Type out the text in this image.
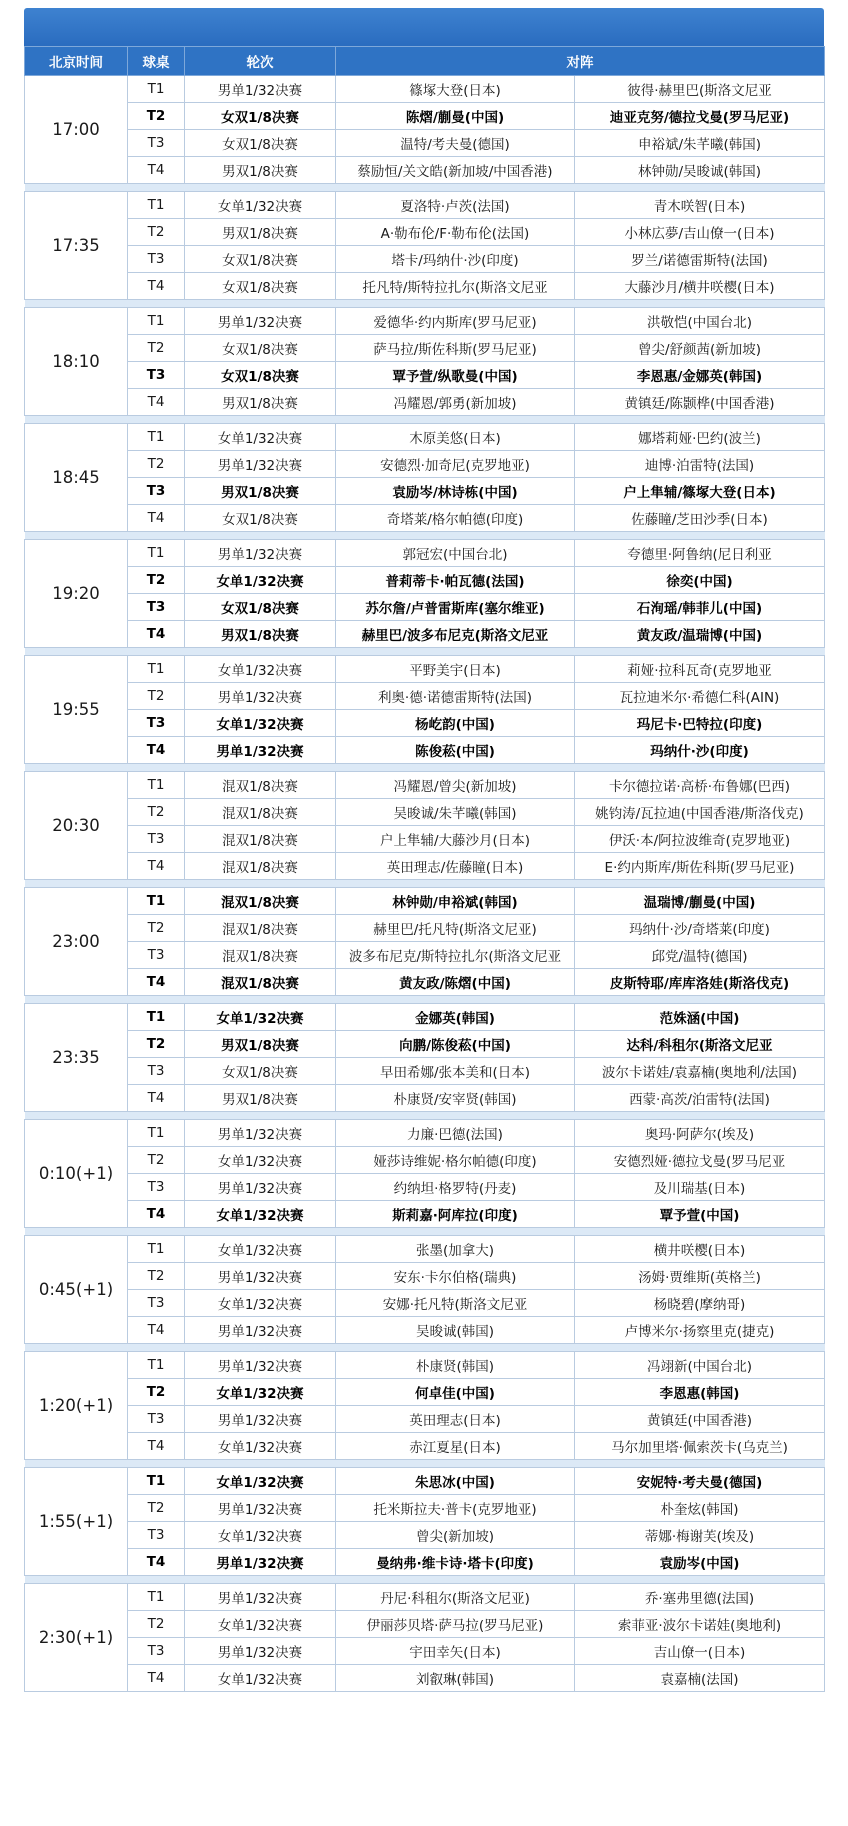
北京时间	球桌	轮次	对阵	
17:00	T1	男单1/32决赛	篠塚大登(日本)	彼得·赫里巴(斯洛文尼亚
	T2	女双1/8决赛	陈熠/蒯曼(中国)	迪亚克努/德拉戈曼(罗马尼亚)
	T3	女双1/8决赛	温特/考夫曼(德国)	申裕斌/朱芊曦(韩国)
	T4	男双1/8决赛	蔡励恒/关文皓(新加坡/中国香港)	林钟勋/吴晙诚(韩国)

17:35	T1	女单1/32决赛	夏洛特·卢茨(法国)	青木咲智(日本)
	T2	男双1/8决赛	A·勒布伦/F·勒布伦(法国)	小林広夢/吉山僚一(日本)
	T3	女双1/8决赛	塔卡/玛纳什·沙(印度)	罗兰/诺德雷斯特(法国)
	T4	女双1/8决赛	托凡特/斯特拉扎尔(斯洛文尼亚	大藤沙月/横井咲樱(日本)

18:10	T1	男单1/32决赛	爱德华·约内斯库(罗马尼亚)	洪敬恺(中国台北)
	T2	女双1/8决赛	萨马拉/斯佐科斯(罗马尼亚)	曾尖/舒颜茜(新加坡)
	T3	女双1/8决赛	覃予萱/纵歌曼(中国)	李恩惠/金娜英(韩国)
	T4	男双1/8决赛	冯耀恩/郭勇(新加坡)	黄镇廷/陈颢桦(中国香港)

18:45	T1	女单1/32决赛	木原美悠(日本)	娜塔莉娅·巴约(波兰)
	T2	男单1/32决赛	安德烈·加奇尼(克罗地亚)	迪博·泊雷特(法国)
	T3	男双1/8决赛	袁励岑/林诗栋(中国)	户上隼辅/篠塚大登(日本)
	T4	女双1/8决赛	奇塔莱/格尔帕德(印度)	佐藤瞳/芝田沙季(日本)

19:20	T1	男单1/32决赛	郭冠宏(中国台北)	夸德里·阿鲁纳(尼日利亚
	T2	女单1/32决赛	普莉蒂卡·帕瓦德(法国)	徐奕(中国)
	T3	女双1/8决赛	苏尔詹/卢普雷斯库(塞尔维亚)	石洵瑶/韩菲儿(中国)
	T4	男双1/8决赛	赫里巴/波多布尼克(斯洛文尼亚	黄友政/温瑞博(中国)

19:55	T1	女单1/32决赛	平野美宇(日本)	莉娅·拉科瓦奇(克罗地亚
	T2	男单1/32决赛	利奥·德·诺德雷斯特(法国)	瓦拉迪米尔·希德仁科(AIN)
	T3	女单1/32决赛	杨屹韵(中国)	玛尼卡·巴特拉(印度)
	T4	男单1/32决赛	陈俊菘(中国)	玛纳什·沙(印度)

20:30	T1	混双1/8决赛	冯耀恩/曾尖(新加坡)	卡尔德拉诺·高桥·布鲁娜(巴西)
	T2	混双1/8决赛	吴晙诚/朱芊曦(韩国)	姚钧涛/瓦拉迪(中国香港/斯洛伐克)
	T3	混双1/8决赛	户上隼辅/大藤沙月(日本)	伊沃·本/阿拉波维奇(克罗地亚)
	T4	混双1/8决赛	英田理志/佐藤瞳(日本)	E·约内斯库/斯佐科斯(罗马尼亚)

23:00	T1	混双1/8决赛	林钟勋/申裕斌(韩国)	温瑞博/蒯曼(中国)
	T2	混双1/8决赛	赫里巴/托凡特(斯洛文尼亚)	玛纳什·沙/奇塔莱(印度)
	T3	混双1/8决赛	波多布尼克/斯特拉扎尔(斯洛文尼亚	邱党/温特(德国)
	T4	混双1/8决赛	黄友政/陈熠(中国)	皮斯特耶/库库洛娃(斯洛伐克)

23:35	T1	女单1/32决赛	金娜英(韩国)	范姝涵(中国)
	T2	男双1/8决赛	向鹏/陈俊菘(中国)	达科/科租尔(斯洛文尼亚
	T3	女双1/8决赛	早田希娜/张本美和(日本)	波尔卡诺娃/袁嘉楠(奥地利/法国)
	T4	男双1/8决赛	朴康贤/安宰贤(韩国)	西蒙·高茨/泊雷特(法国)

0:10(+1)	T1	男单1/32决赛	力廉·巴德(法国)	奥玛·阿萨尔(埃及)
	T2	女单1/32决赛	娅莎诗维妮·格尔帕德(印度)	安德烈娅·德拉戈曼(罗马尼亚
	T3	男单1/32决赛	约纳坦·格罗特(丹麦)	及川瑞基(日本)
	T4	女单1/32决赛	斯莉嘉·阿库拉(印度)	覃予萱(中国)

0:45(+1)	T1	女单1/32决赛	张墨(加拿大)	横井咲樱(日本)
	T2	男单1/32决赛	安东·卡尔伯格(瑞典)	汤姆·贾维斯(英格兰)
	T3	女单1/32决赛	安娜·托凡特(斯洛文尼亚	杨晓碧(摩纳哥)
	T4	男单1/32决赛	吴晙诚(韩国)	卢博米尔·扬察里克(捷克)

1:20(+1)	T1	男单1/32决赛	朴康贤(韩国)	冯翊新(中国台北)
	T2	女单1/32决赛	何卓佳(中国)	李恩惠(韩国)
	T3	男单1/32决赛	英田理志(日本)	黄镇廷(中国香港)
	T4	女单1/32决赛	赤江夏星(日本)	马尔加里塔·佩索茨卡(乌克兰)

1:55(+1)	T1	女单1/32决赛	朱思冰(中国)	安妮特·考夫曼(德国)
	T2	男单1/32决赛	托米斯拉夫·普卡(克罗地亚)	朴奎炫(韩国)
	T3	女单1/32决赛	曾尖(新加坡)	蒂娜·梅谢芙(埃及)
	T4	男单1/32决赛	曼纳弗·维卡诗·塔卡(印度)	袁励岑(中国)

2:30(+1)	T1	男单1/32决赛	丹尼·科租尔(斯洛文尼亚)	乔·塞弗里德(法国)
	T2	女单1/32决赛	伊丽莎贝塔·萨马拉(罗马尼亚)	索菲亚·波尔卡诺娃(奥地利)
	T3	男单1/32决赛	宇田幸矢(日本)	吉山僚一(日本)
	T4	女单1/32决赛	刘叡琳(韩国)	袁嘉楠(法国)
